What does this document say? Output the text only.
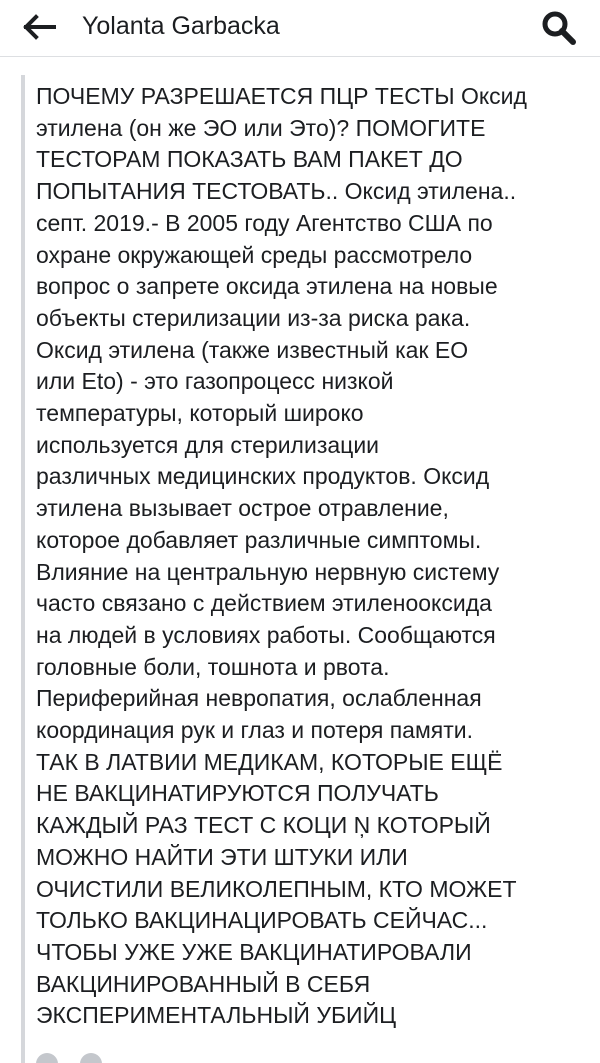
Yolanta Garbacka

ПОЧЕМУ РАЗРЕШАЕТСЯ ПЦР ТЕСТЫ Оксид
этилена (он же ЭО или Это)? ПОМОГИТЕ
ТЕСТОРАМ ПОКАЗАТЬ ВАМ ПАКЕТ ДО
ПОПЫТАНИЯ ТЕСТОВАТЬ.. Оксид этилена..
септ. 2019.- В 2005 году Агентство США по
охране окружающей среды рассмотрело
вопрос о запрете оксида этилена на новые
объекты стерилизации из-за риска рака.
Оксид этилена (также известный как EO
или Eto) - это газопроцесс низкой
температуры, который широко
используется для стерилизации
различных медицинских продуктов. Оксид
этилена вызывает острое отравление,
которое добавляет различные симптомы.
Влияние на центральную нервную систему
часто связано с действием этиленооксида
на людей в условиях работы. Сообщаются
головные боли, тошнота и рвота.
Периферийная невропатия, ослабленная
координация рук и глаз и потеря памяти.
ТАК В ЛАТВИИ МЕДИКАМ, КОТОРЫЕ ЕЩЁ
НЕ ВАКЦИНАТИРУЮТСЯ ПОЛУЧАТЬ
КАЖДЫЙ РАЗ ТЕСТ С КОЦИ Ņ КОТОРЫЙ
МОЖНО НАЙТИ ЭТИ ШТУКИ ИЛИ
ОЧИСТИЛИ ВЕЛИКОЛЕПНЫМ, КТО МОЖЕТ
ТОЛЬКО ВАКЦИНАЦИРОВАТЬ СЕЙЧАС...
ЧТОБЫ УЖЕ УЖЕ ВАКЦИНАТИРОВАЛИ
ВАКЦИНИРОВАННЫЙ В СЕБЯ
ЭКСПЕРИМЕНТАЛЬНЫЙ УБИЙЦ
